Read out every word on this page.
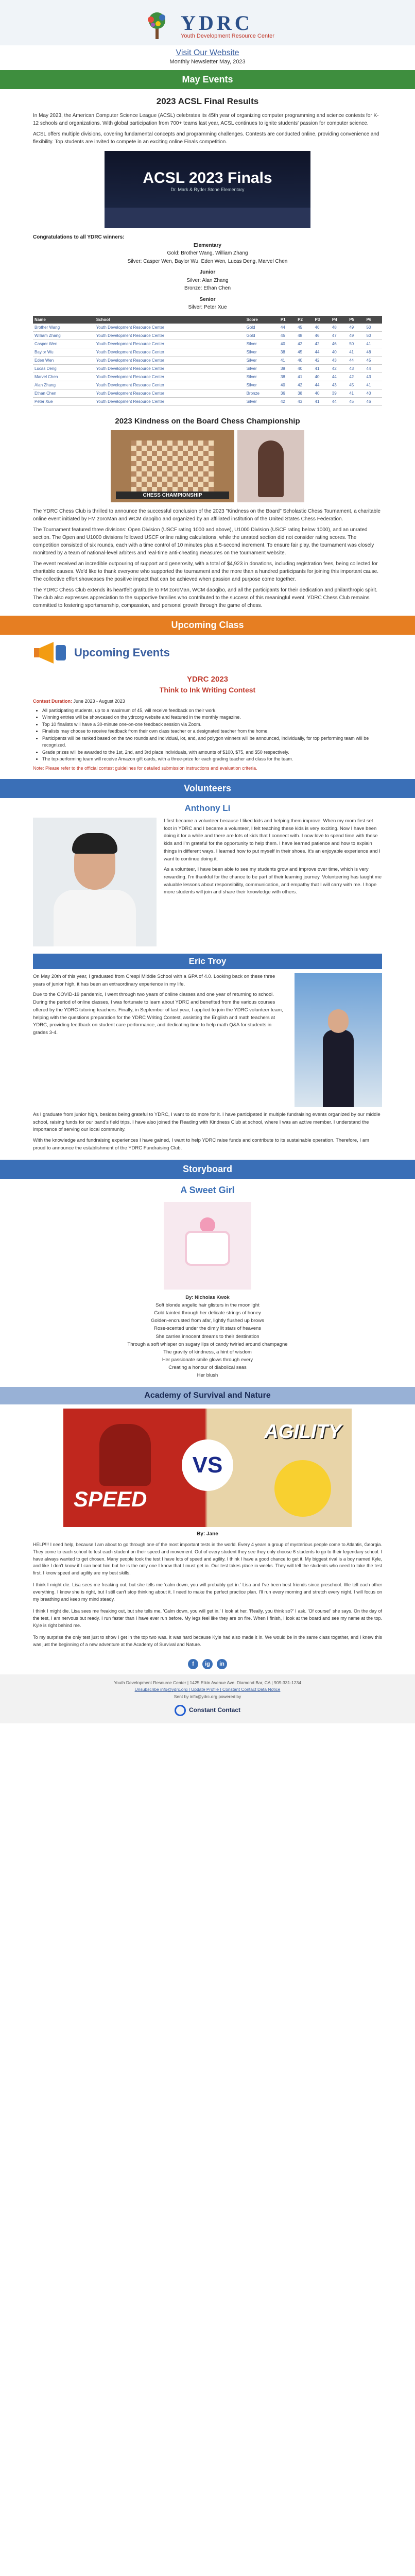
YDRC
Youth Development Resource Center
Visit Our Website
Monthly Newsletter May, 2023
May Events
2023 ACSL Final Results

In May 2023, the American Computer Science League (ACSL) celebrates its 45th year of organizing computer programming and science contests for K-12 schools and organizations. With global participation from 700+ teams last year, ACSL continues to ignite students' passion for computer science.

ACSL offers multiple divisions, covering fundamental concepts and programming challenges. Contests are conducted online, providing convenience and flexibility. Top students are invited to compete in an exciting online Finals competition.

ACSL 2023 Finals
Dr. Mark & Ryder Stone Elementary
Congratulations to all YDRC winners:
Elementary
Gold: Brother Wang, William Zhang
Silver: Casper Wen, Baylor Wu, Eden Wen, Lucas Deng, Marvel Chen
Junior
Silver: Alan Zhang
Bronze: Ethan Chen
Senior
Silver: Peter Xue
Name	School	Score	P1	P2	P3	P4	P5	P6
Brother Wang	Youth Development Resource Center	Gold	44	45	46	48	49	50
William Zhang	Youth Development Resource Center	Gold	45	48	46	47	49	50
Casper Wen	Youth Development Resource Center	Silver	40	42	42	46	50	41
Baylor Wu	Youth Development Resource Center	Silver	38	45	44	40	41	48
Eden Wen	Youth Development Resource Center	Silver	41	40	42	43	44	45
Lucas Deng	Youth Development Resource Center	Silver	39	40	41	42	43	44
Marvel Chen	Youth Development Resource Center	Silver	38	41	40	44	42	43
Alan Zhang	Youth Development Resource Center	Silver	40	42	44	43	45	41
Ethan Chen	Youth Development Resource Center	Bronze	36	38	40	39	41	40
Peter Xue	Youth Development Resource Center	Silver	42	43	41	44	45	46
2023 Kindness on the Board Chess Championship
CHESS CHAMPIONSHIP

The YDRC Chess Club is thrilled to announce the successful conclusion of the 2023 "Kindness on the Board" Scholastic Chess Tournament, a charitable online event initiated by FM zoroMan and WCM daoqibo and organized by an affiliated institution of the United States Chess Federation.

The Tournament featured three divisions: Open Division (USCF rating 1000 and above), U1000 Division (USCF rating below 1000), and an unrated section. The Open and U1000 divisions followed USCF online rating calculations, while the unrated section did not consider rating scores. The competition consisted of six rounds, each with a time control of 10 minutes plus a 5-second increment. To ensure fair play, the tournament was closely monitored by a team of national-level arbiters and real-time anti-cheating measures on the tournament website.

The event received an incredible outpouring of support and generosity, with a total of $4,923 in donations, including registration fees, being collected for charitable causes. We'd like to thank everyone who supported the tournament and the more than a hundred participants for joining this important cause. The collective effort showcases the positive impact that can be achieved when passion and purpose come together.

The YDRC Chess Club extends its heartfelt gratitude to FM zoroMan, WCM daoqibo, and all the participants for their dedication and philanthropic spirit. The club also expresses appreciation to the supportive families who contributed to the success of this meaningful event. YDRC Chess Club remains committed to fostering sportsmanship, compassion, and personal growth through the game of chess.

Upcoming Class
Upcoming Events
YDRC 2023
Think to Ink Writing Contest
Contest Duration: June 2023 - August 2023
• All participating students, up to a maximum of 45, will receive feedback on their work.
• Winning entries will be showcased on the ydrcorg website and featured in the monthly magazine.
• Top 10 finalists will have a 30-minute one-on-one feedback session via Zoom.
• Finalists may choose to receive feedback from their own class teacher or a designated teacher from the home.
• Participants will be ranked based on the two rounds and individual, lot, and, and polygon winners will be announced, individually, for top performing team will be recognized.
• Grade prizes will be awarded to the 1st, 2nd, and 3rd place individuals, with amounts of $100, $75, and $50 respectively.
• The top-performing team will receive Amazon gift cards, with a three-prize for each grading teacher and class for the team.
Note: Please refer to the official contest guidelines for detailed submission instructions and evaluation criteria.
Volunteers
Anthony Li

I first became a volunteer because I liked kids and helping them improve. When my mom first set foot in YDRC and I became a volunteer, I felt teaching these kids is very exciting. Now I have been doing it for a while and there are lots of kids that I connect with. I now love to spend time with these kids and I'm grateful for the opportunity to help them. I have learned patience and how to explain things in different ways. I learned how to put myself in their shoes. It's an enjoyable experience and I want to continue doing it.

As a volunteer, I have been able to see my students grow and improve over time, which is very rewarding. I'm thankful for the chance to be part of their learning journey. Volunteering has taught me valuable lessons about responsibility, communication, and empathy that I will carry with me. I hope more students will join and share their knowledge with others.

Eric Troy

On May 20th of this year, I graduated from Crespi Middle School with a GPA of 4.0. Looking back on these three years of junior high, it has been an extraordinary experience in my life.

Due to the COVID-19 pandemic, I went through two years of online classes and one year of returning to school. During the period of online classes, I was fortunate to learn about YDRC and benefited from the various courses offered by the YDRC tutoring teachers. Finally, in September of last year, I applied to join the YDRC volunteer team, helping with the questions preparation for the YDRC Writing Contest, assisting the English and math teachers at YDRC, providing feedback on student care performance, and dedicating time to help math Q&A for students in grades 3-4.

As I graduate from junior high, besides being grateful to YDRC, I want to do more for it. I have participated in multiple fundraising events organized by our middle school, raising funds for our band's field trips. I have also joined the Reading with Kindness Club at school, where I was an active member. I understand the importance of serving our local community.

With the knowledge and fundraising experiences I have gained, I want to help YDRC raise funds and contribute to its sustainable operation. Therefore, I am proud to announce the establishment of the YDRC Fundraising Club.

Storyboard
A Sweet Girl
By: Nicholas Kwok
Soft blonde angelic hair glisters in the moonlight
Gold tainted through her delicate strings of honey
Golden-encrusted from afar, lightly flushed up brows
Rose-scented under the dimly lit stars of heavens
She carries innocent dreams to their destination
Through a soft whisper on sugary lips of candy twirled around champagne
The gravity of kindness, a hint of wisdom
Her passionate smile glows through every
Creating a honour of diabolical seas
Her blush
Academy of Survival and Nature
SPEED
AGILITY
VS
By: Jane

HELP!!! I need help, because I am about to go through one of the most important tests in the world. Every 4 years a group of mysterious people come to Atlantis, Georgia. They come to each school to test each student on their speed and movement. Out of every student they see they only choose 6 students to go to their legendary school. I have always wanted to get chosen. Many people took the test I have lots of speed and agility. I think I have a good chance to get it. My biggest rival is a boy named Kyle, and like I don't know if I can beat him but he is the only one I know that I must get in. Our test takes place in weeks. They will tell the students who need to take the test first. I know speed and agility are my best skills.

I think I might die. Lisa sees me freaking out, but she tells me 'calm down, you will probably get in.' Lisa and I've been best friends since preschool. We tell each other everything. I know she is right, but I still can't stop thinking about it. I need to make the perfect practice plan. I'll run every morning and stretch every night. I will focus on my breathing and keep my mind steady.

I think I might die. Lisa sees me freaking out, but she tells me, 'Calm down, you will get in.' I look at her. 'Really, you think so?' I ask. 'Of course!' she says. On the day of the test, I am nervous but ready. I run faster than I have ever run before. My legs feel like they are on fire. When I finish, I look at the board and see my name at the top. Kyle is right behind me.

To my surprise the only test just to show I get in the top two was. It was hard because Kyle had also made it in. We would be in the same class together, and I knew this was just the beginning of a new adventure at the Academy of Survival and Nature.

f	ig	in
Youth Development Resource Center | 1425 Elkin Avenue Ave. Diamond Bar, CA | 909-331-1234
Unsubscribe info@ydrc.org | Update Profile | Constant Contact Data Notice
Sent by info@ydrc.org powered by
Constant Contact
